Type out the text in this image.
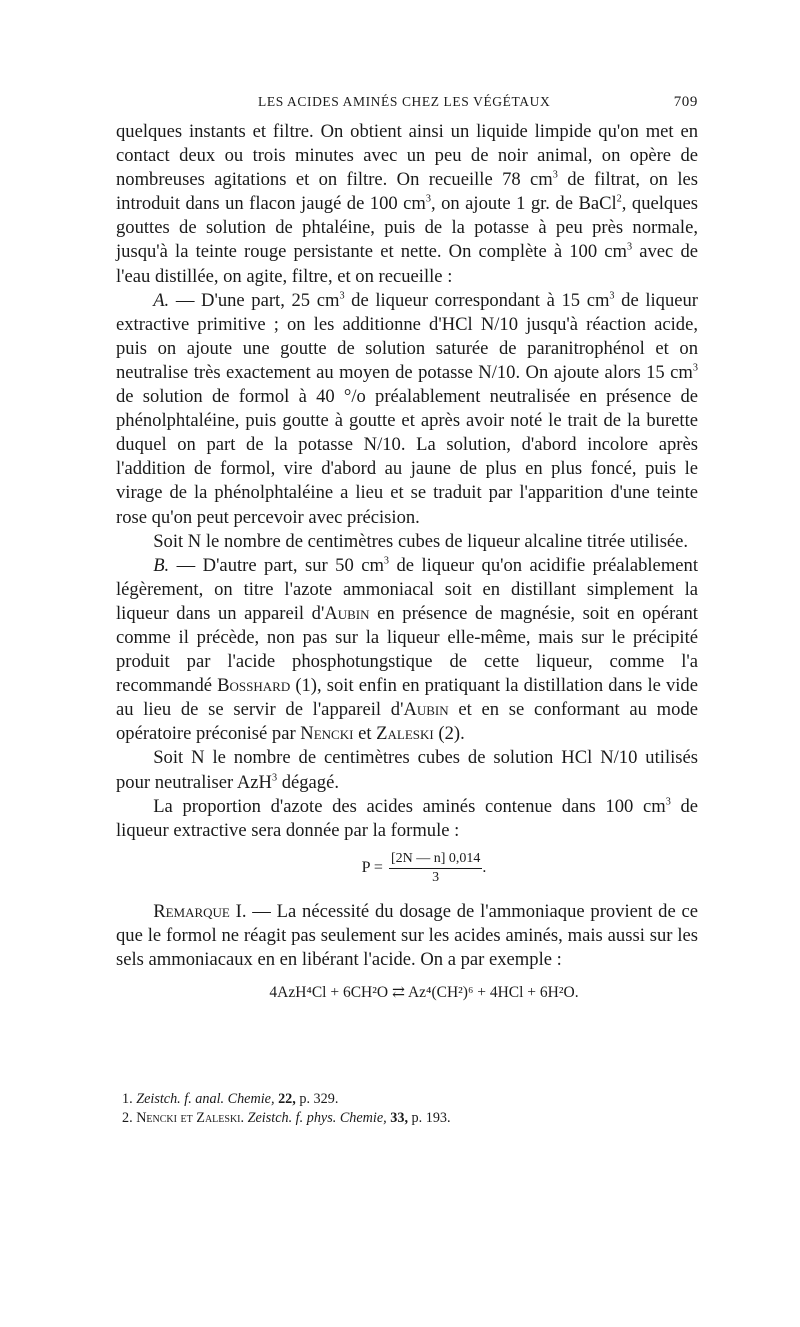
LES ACIDES AMINÉS CHEZ LES VÉGÉTAUX	709

quelques instants et filtre. On obtient ainsi un liquide limpide qu'on met en contact deux ou trois minutes avec un peu de noir animal, on opère de nombreuses agitations et on filtre. On recueille 78 $cm^3$ de filtrat, on les introduit dans un flacon jaugé de 100 $cm^3$, on ajoute 1 gr. de BaCl$^2$, quelques gouttes de solution de phtaléine, puis de la potasse à peu près normale, jusqu'à la teinte rouge persistante et nette. On complète à 100 $cm^3$ avec de l'eau distillée, on agite, filtre, et on recueille :

A. — D'une part, 25 $cm^3$ de liqueur correspondant à 15 $cm^3$ de liqueur extractive primitive ; on les additionne d'HCl N/10 jusqu'à réaction acide, puis on ajoute une goutte de solution saturée de paranitrophénol et on neutralise très exactement au moyen de potasse N/10. On ajoute alors 15 $cm^3$ de solution de formol à 40 °/o préalablement neutralisée en présence de phénolphtaléine, puis goutte à goutte et après avoir noté le trait de la burette duquel on part de la potasse N/10. La solution, d'abord incolore après l'addition de formol, vire d'abord au jaune de plus en plus foncé, puis le virage de la phénolphtaléine a lieu et se traduit par l'apparition d'une teinte rose qu'on peut percevoir avec précision.

Soit N le nombre de centimètres cubes de liqueur alcaline titrée utilisée.

B. — D'autre part, sur 50 $cm^3$ de liqueur qu'on acidifie préalablement légèrement, on titre l'azote ammoniacal soit en distillant simplement la liqueur dans un appareil d'Aubin en présence de magnésie, soit en opérant comme il précède, non pas sur la liqueur elle-même, mais sur le précipité produit par l'acide phosphotungstique de cette liqueur, comme l'a recommandé Bosshard (1), soit enfin en pratiquant la distillation dans le vide au lieu de se servir de l'appareil d'Aubin et en se conformant au mode opératoire préconisé par Nencki et Zaleski (2).

Soit N le nombre de centimètres cubes de solution HCl N/10 utilisés pour neutraliser AzH$^3$ dégagé.

La proportion d'azote des acides aminés contenue dans 100 $cm^3$ de liqueur extractive sera donnée par la formule :

$P = \frac{[2N — n] 0,014}{3}$ .

Remarque I. — La nécessité du dosage de l'ammoniaque provient de ce que le formol ne réagit pas seulement sur les acides aminés, mais aussi sur les sels ammoniacaux en en libérant l'acide. On a par exemple :

4AzH⁴Cl + 6CH²O ⇄ Az⁴(CH²)⁶ + 4HCl + 6H²O.
1. Zeistch. f. anal. Chemie, 22, p. 329.
2. Nencki et Zaleski. Zeistch. f. phys. Chemie, 33, p. 193.
